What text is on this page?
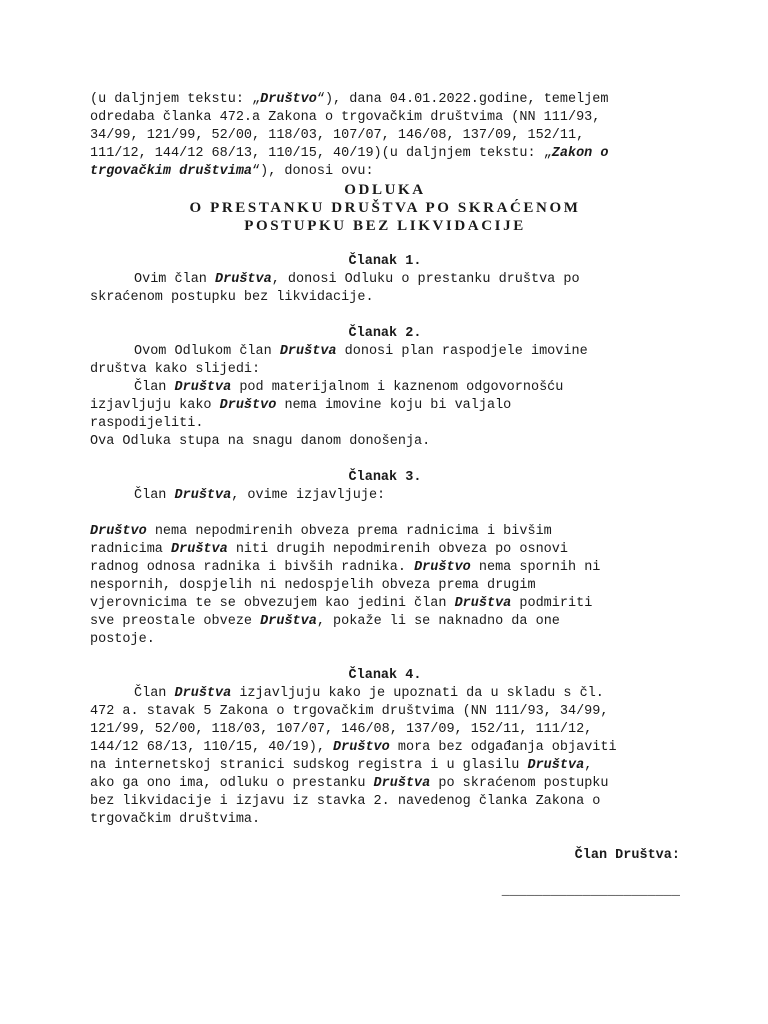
(u daljnjem tekstu: „Društvo“), dana 04.01.2022.godine, temeljem
odredaba članka 472.a Zakona o trgovačkim društvima (NN 111/93,
34/99, 121/99, 52/00, 118/03, 107/07, 146/08, 137/09, 152/11,
111/12, 144/12 68/13, 110/15, 40/19)(u daljnjem tekstu: „Zakon o
trgovačkim društvima“), donosi ovu:
ODLUKA
O PRESTANKU DRUŠTVA PO SKRAĆENOM
POSTUPKU BEZ LIKVIDACIJE
Članak 1.
Ovim član Društva, donosi Odluku o prestanku društva po
skraćenom postupku bez likvidacije.
Članak 2.
Ovom Odlukom član Društva donosi plan raspodjele imovine
društva kako slijedi:
Član Društva pod materijalnom i kaznenom odgovornošću
izjavljuju kako Društvo nema imovine koju bi valjalo
raspodijeliti.
Ova Odluka stupa na snagu danom donošenja.
Članak 3.
Član Društva, ovime izjavljuje:
Društvo nema nepodmirenih obveza prema radnicima i bivšim
radnicima Društva niti drugih nepodmirenih obveza po osnovi
radnog odnosa radnika i bivših radnika. Društvo nema spornih ni
nespornih, dospjelih ni nedospjelih obveza prema drugim
vjerovnicima te se obvezujem kao jedini član Društva podmiriti
sve preostale obveze Društva, pokaže li se naknadno da one
postoje.
Članak 4.
Član Društva izjavljuju kako je upoznati da u skladu s čl.
472 a. stavak 5 Zakona o trgovačkim društvima (NN 111/93, 34/99,
121/99, 52/00, 118/03, 107/07, 146/08, 137/09, 152/11, 111/12,
144/12 68/13, 110/15, 40/19), Društvo mora bez odgađanja objaviti
na internetskoj stranici sudskog registra i u glasilu Društva,
ako ga ono ima, odluku o prestanku Društva po skraćenom postupku
bez likvidacije i izjavu iz stavka 2. navedenog članka Zakona o
trgovačkim društvima.
Član Društva:
______________________
